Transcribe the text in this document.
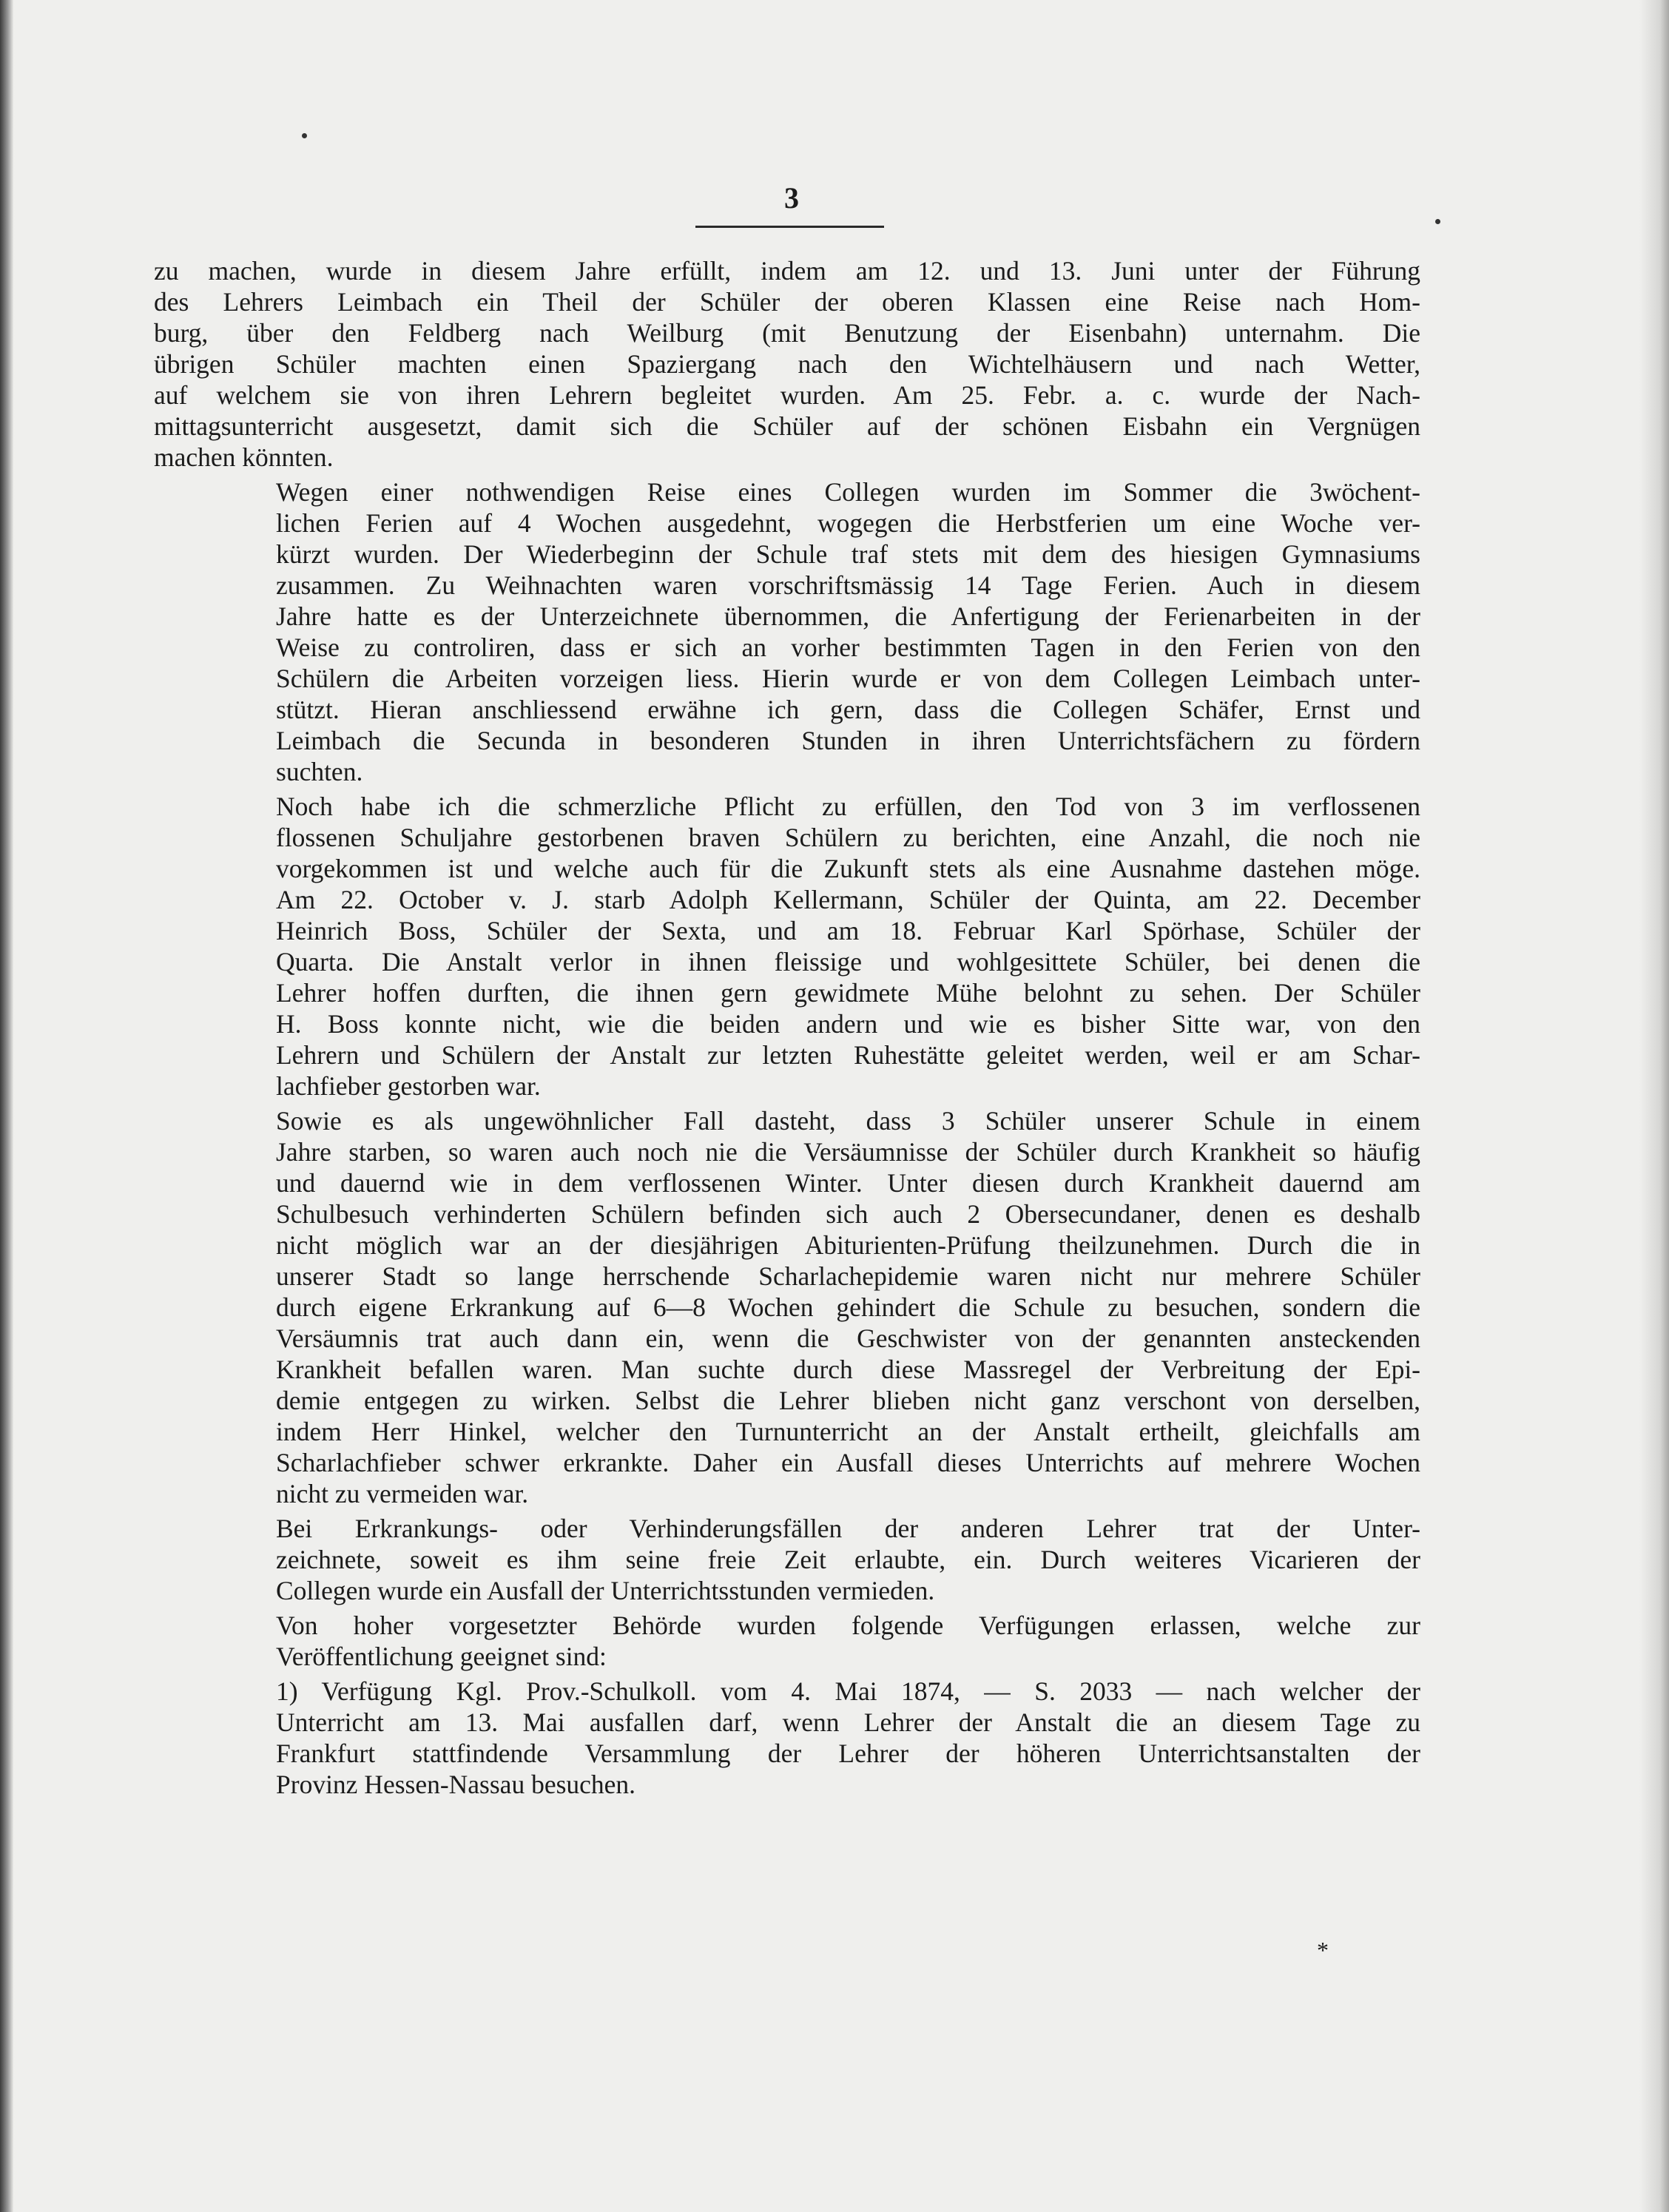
3
zu machen, wurde in diesem Jahre erfüllt, indem am 12. und 13. Juni unter der Führung
des Lehrers Leimbach ein Theil der Schüler der oberen Klassen eine Reise nach Hom-
burg, über den Feldberg nach Weilburg (mit Benutzung der Eisenbahn) unternahm. Die
übrigen Schüler machten einen Spaziergang nach den Wichtelhäusern und nach Wetter,
auf welchem sie von ihren Lehrern begleitet wurden. Am 25. Febr. a. c. wurde der Nach-
mittagsunterricht ausgesetzt, damit sich die Schüler auf der schönen Eisbahn ein Vergnügen
machen könnten.
Wegen einer nothwendigen Reise eines Collegen wurden im Sommer die 3wöchent-
lichen Ferien auf 4 Wochen ausgedehnt, wogegen die Herbstferien um eine Woche ver-
kürzt wurden. Der Wiederbeginn der Schule traf stets mit dem des hiesigen Gymnasiums
zusammen. Zu Weihnachten waren vorschriftsmässig 14 Tage Ferien. Auch in diesem
Jahre hatte es der Unterzeichnete übernommen, die Anfertigung der Ferienarbeiten in der
Weise zu controliren, dass er sich an vorher bestimmten Tagen in den Ferien von den
Schülern die Arbeiten vorzeigen liess. Hierin wurde er von dem Collegen Leimbach unter-
stützt. Hieran anschliessend erwähne ich gern, dass die Collegen Schäfer, Ernst und
Leimbach die Secunda in besonderen Stunden in ihren Unterrichtsfächern zu fördern
suchten.
Noch habe ich die schmerzliche Pflicht zu erfüllen, den Tod von 3 im verflossenen
flossenen Schuljahre gestorbenen braven Schülern zu berichten, eine Anzahl, die noch nie
vorgekommen ist und welche auch für die Zukunft stets als eine Ausnahme dastehen möge.
Am 22. October v. J. starb Adolph Kellermann, Schüler der Quinta, am 22. December
Heinrich Boss, Schüler der Sexta, und am 18. Februar Karl Spörhase, Schüler der
Quarta. Die Anstalt verlor in ihnen fleissige und wohlgesittete Schüler, bei denen die
Lehrer hoffen durften, die ihnen gern gewidmete Mühe belohnt zu sehen. Der Schüler
H. Boss konnte nicht, wie die beiden andern und wie es bisher Sitte war, von den
Lehrern und Schülern der Anstalt zur letzten Ruhestätte geleitet werden, weil er am Schar-
lachfieber gestorben war.
Sowie es als ungewöhnlicher Fall dasteht, dass 3 Schüler unserer Schule in einem
Jahre starben, so waren auch noch nie die Versäumnisse der Schüler durch Krankheit so häufig
und dauernd wie in dem verflossenen Winter. Unter diesen durch Krankheit dauernd am
Schulbesuch verhinderten Schülern befinden sich auch 2 Obersecundaner, denen es deshalb
nicht möglich war an der diesjährigen Abiturienten-Prüfung theilzunehmen. Durch die in
unserer Stadt so lange herrschende Scharlachepidemie waren nicht nur mehrere Schüler
durch eigene Erkrankung auf 6—8 Wochen gehindert die Schule zu besuchen, sondern die
Versäumnis trat auch dann ein, wenn die Geschwister von der genannten ansteckenden
Krankheit befallen waren. Man suchte durch diese Massregel der Verbreitung der Epi-
demie entgegen zu wirken. Selbst die Lehrer blieben nicht ganz verschont von derselben,
indem Herr Hinkel, welcher den Turnunterricht an der Anstalt ertheilt, gleichfalls am
Scharlachfieber schwer erkrankte. Daher ein Ausfall dieses Unterrichts auf mehrere Wochen
nicht zu vermeiden war.
Bei Erkrankungs- oder Verhinderungsfällen der anderen Lehrer trat der Unter-
zeichnete, soweit es ihm seine freie Zeit erlaubte, ein. Durch weiteres Vicarieren der
Collegen wurde ein Ausfall der Unterrichtsstunden vermieden.
Von hoher vorgesetzter Behörde wurden folgende Verfügungen erlassen, welche zur
Veröffentlichung geeignet sind:
1) Verfügung Kgl. Prov.-Schulkoll. vom 4. Mai 1874, — S. 2033 — nach welcher der
Unterricht am 13. Mai ausfallen darf, wenn Lehrer der Anstalt die an diesem Tage zu
Frankfurt stattfindende Versammlung der Lehrer der höheren Unterrichtsanstalten der
Provinz Hessen-Nassau besuchen.
*
